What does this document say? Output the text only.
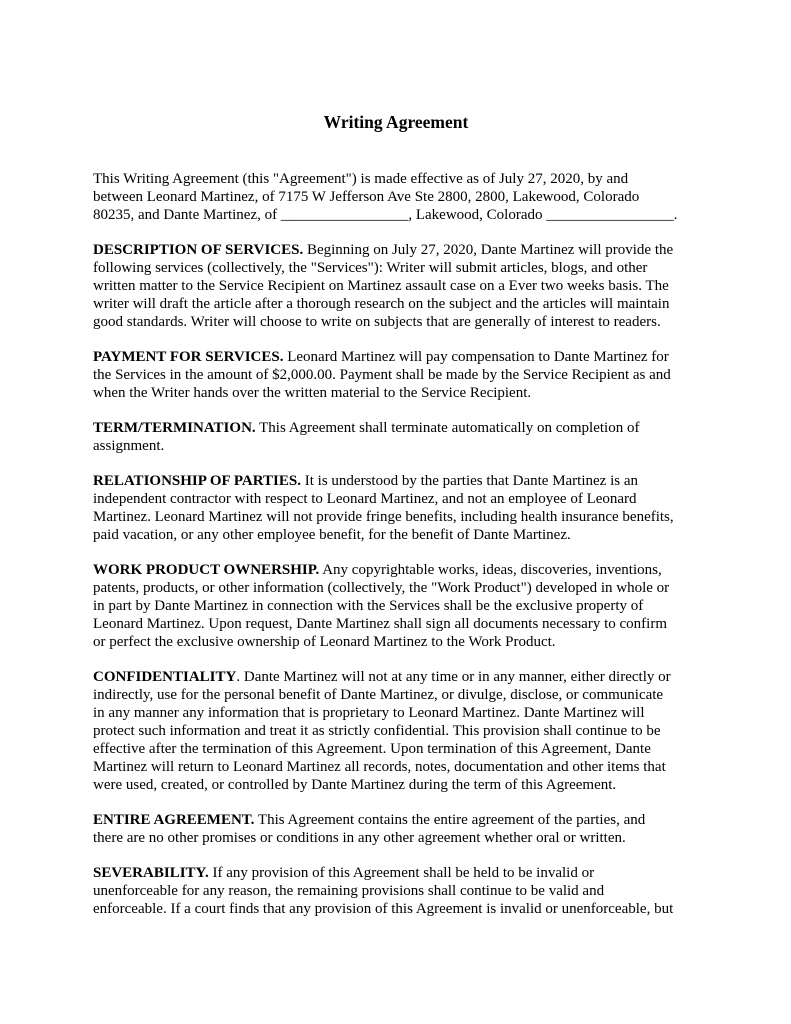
Writing Agreement
This Writing Agreement (this "Agreement") is made effective as of July 27, 2020, by and
between Leonard Martinez, of 7175 W Jefferson Ave Ste 2800, 2800, Lakewood, Colorado
80235, and Dante Martinez, of _________________, Lakewood, Colorado _________________.
DESCRIPTION OF SERVICES. Beginning on July 27, 2020, Dante Martinez will provide the
following services (collectively, the "Services"): Writer will submit articles, blogs, and other
written matter to the Service Recipient on Martinez assault case on a Ever two weeks basis. The
writer will draft the article after a thorough research on the subject and the articles will maintain
good standards. Writer will choose to write on subjects that are generally of interest to readers.
PAYMENT FOR SERVICES. Leonard Martinez will pay compensation to Dante Martinez for
the Services in the amount of $2,000.00. Payment shall be made by the Service Recipient as and
when the Writer hands over the written material to the Service Recipient.
TERM/TERMINATION. This Agreement shall terminate automatically on completion of
assignment.
RELATIONSHIP OF PARTIES. It is understood by the parties that Dante Martinez is an
independent contractor with respect to Leonard Martinez, and not an employee of Leonard
Martinez. Leonard Martinez will not provide fringe benefits, including health insurance benefits,
paid vacation, or any other employee benefit, for the benefit of Dante Martinez.
WORK PRODUCT OWNERSHIP. Any copyrightable works, ideas, discoveries, inventions,
patents, products, or other information (collectively, the "Work Product") developed in whole or
in part by Dante Martinez in connection with the Services shall be the exclusive property of
Leonard Martinez. Upon request, Dante Martinez shall sign all documents necessary to confirm
or perfect the exclusive ownership of Leonard Martinez to the Work Product.
CONFIDENTIALITY. Dante Martinez will not at any time or in any manner, either directly or
indirectly, use for the personal benefit of Dante Martinez, or divulge, disclose, or communicate
in any manner any information that is proprietary to Leonard Martinez. Dante Martinez will
protect such information and treat it as strictly confidential. This provision shall continue to be
effective after the termination of this Agreement. Upon termination of this Agreement, Dante
Martinez will return to Leonard Martinez all records, notes, documentation and other items that
were used, created, or controlled by Dante Martinez during the term of this Agreement.
ENTIRE AGREEMENT. This Agreement contains the entire agreement of the parties, and
there are no other promises or conditions in any other agreement whether oral or written.
SEVERABILITY. If any provision of this Agreement shall be held to be invalid or
unenforceable for any reason, the remaining provisions shall continue to be valid and
enforceable. If a court finds that any provision of this Agreement is invalid or unenforceable, but
